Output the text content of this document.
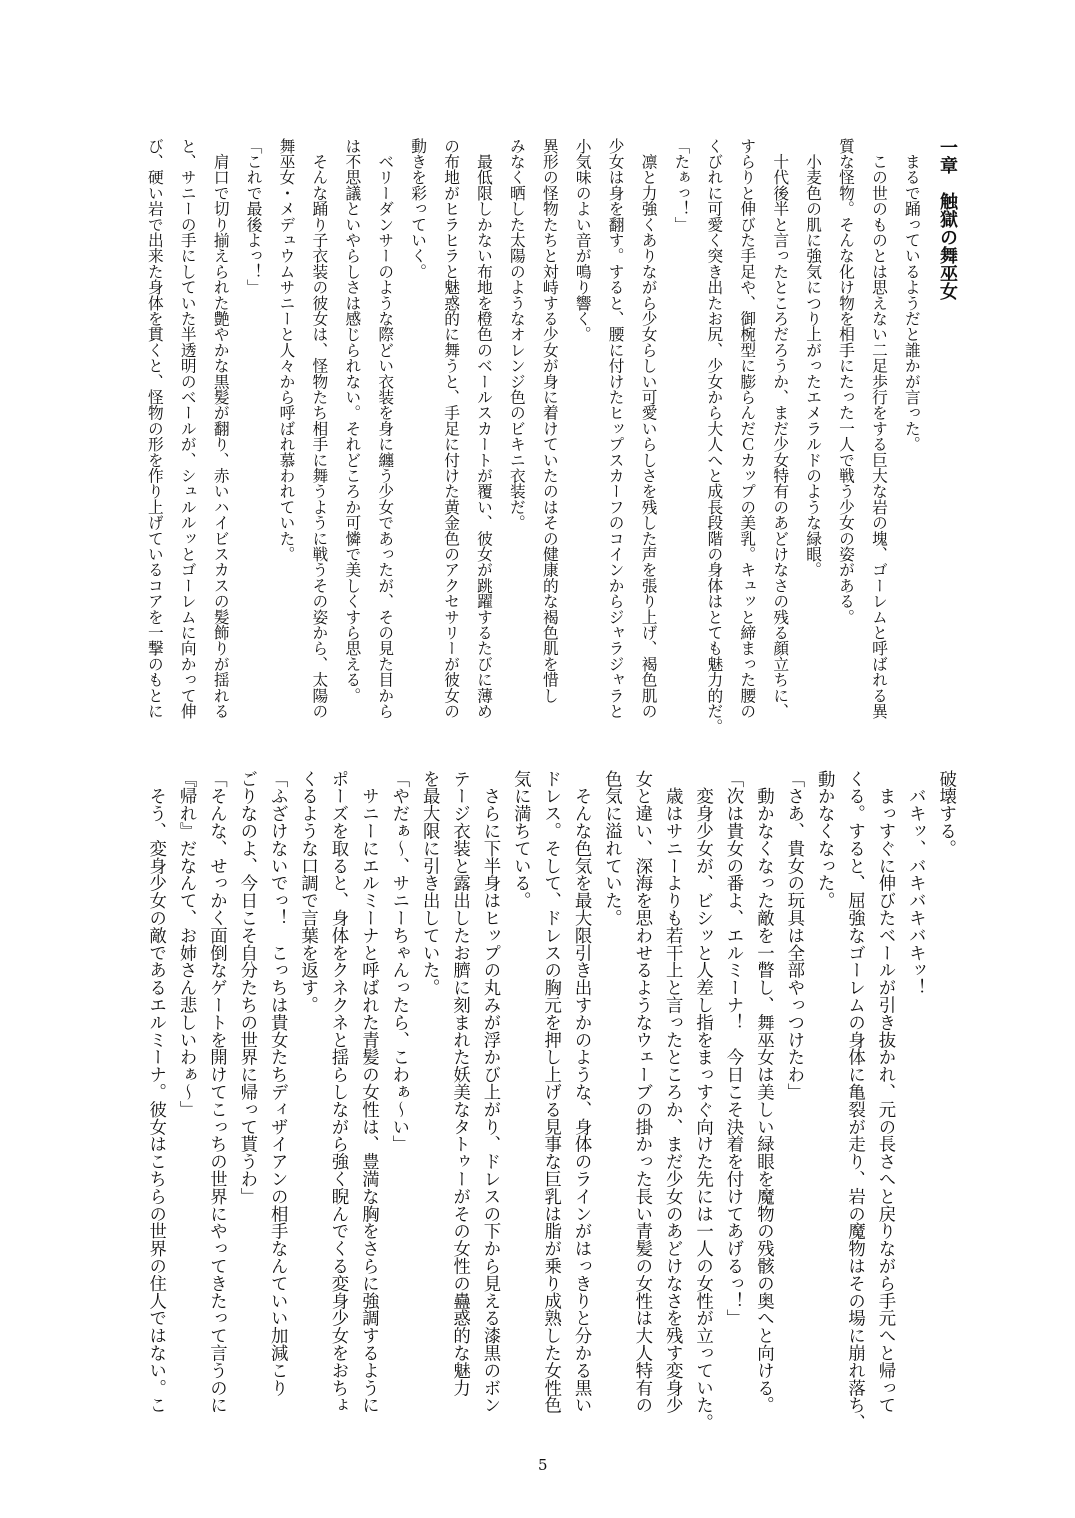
一章　触獄の舞巫女
　まるで踊っているようだと誰かが言った。
　この世のものとは思えない二足歩行をする巨大な岩の塊、ゴーレムと呼ばれる異
質な怪物。そんな化け物を相手にたった一人で戦う少女の姿がある。
　小麦色の肌に強気につり上がったエメラルドのような緑眼。
　十代後半と言ったところだろうか、まだ少女特有のあどけなさの残る顔立ちに、
すらりと伸びた手足や、御椀型に膨らんだＣカップの美乳。キュッと締まった腰の
くびれに可愛く突き出たお尻、少女から大人へと成長段階の身体はとても魅力的だ。
「たぁっ！」
　凛と力強くありながら少女らしい可愛いらしさを残した声を張り上げ、褐色肌の
少女は身を翻す。すると、腰に付けたヒップスカーフのコインからジャラジャラと
小気味のよい音が鳴り響く。
異形の怪物たちと対峙する少女が身に着けていたのはその健康的な褐色肌を惜し
みなく晒した太陽のようなオレンジ色のビキニ衣装だ。
　最低限しかない布地を橙色のベールスカートが覆い、彼女が跳躍するたびに薄め
の布地がヒラヒラと魅惑的に舞うと、手足に付けた黄金色のアクセサリーが彼女の
動きを彩っていく。
　ベリーダンサーのような際どい衣装を身に纏う少女であったが、その見た目から
は不思議といやらしさは感じられない。それどころか可憐で美しくすら思える。
　そんな踊り子衣装の彼女は、怪物たち相手に舞うように戦うその姿から、太陽の
舞巫女・メデュウムサニーと人々から呼ばれ慕われていた。
「これで最後よっ！」
　肩口で切り揃えられた艶やかな黒髪が翻り、赤いハイビスカスの髪飾りが揺れる
と、サニーの手にしていた半透明のベールが、シュルルッとゴーレムに向かって伸
び、硬い岩で出来た身体を貫くと、怪物の形を作り上げているコアを一撃のもとに
破壊する。
　バキッ、バキバキバキッ！
　まっすぐに伸びたベールが引き抜かれ、元の長さへと戻りながら手元へと帰って
くる。すると、屈強なゴーレムの身体に亀裂が走り、岩の魔物はその場に崩れ落ち、
動かなくなった。
「さあ、貴女の玩具は全部やっつけたわ」
　動かなくなった敵を一瞥し、舞巫女は美しい緑眼を魔物の残骸の奥へと向ける。
「次は貴女の番よ、エルミーナ！　今日こそ決着を付けてあげるっ！」
　変身少女が、ビシッと人差し指をまっすぐ向けた先には一人の女性が立っていた。
　歳はサニーよりも若干上と言ったところか、まだ少女のあどけなさを残す変身少
女と違い、深海を思わせるようなウェーブの掛かった長い青髪の女性は大人特有の
色気に溢れていた。
　そんな色気を最大限引き出すかのような、身体のラインがはっきりと分かる黒い
ドレス。そして、ドレスの胸元を押し上げる見事な巨乳は脂が乗り成熟した女性色
気に満ちている。
　さらに下半身はヒップの丸みが浮かび上がり、ドレスの下から見える漆黒のボン
テージ衣装と露出したお臍に刻まれた妖美なタトゥーがその女性の蠱惑的な魅力
を最大限に引き出していた。
「やだぁ～、サニーちゃんったら、こわぁ～い」
　サニーにエルミーナと呼ばれた青髪の女性は、豊満な胸をさらに強調するように
ポーズを取ると、身体をクネクネと揺らしながら強く睨んでくる変身少女をおちょ
くるような口調で言葉を返す。
「ふざけないでっ！　こっちは貴女たちディザイアンの相手なんていい加減こり
ごりなのよ、今日こそ自分たちの世界に帰って貰うわ」
「そんな、せっかく面倒なゲートを開けてこっちの世界にやってきたって言うのに
『帰れ』だなんて、お姉さん悲しいわぁ～」
　そう、変身少女の敵であるエルミーナ。彼女はこちらの世界の住人ではない。こ
5
